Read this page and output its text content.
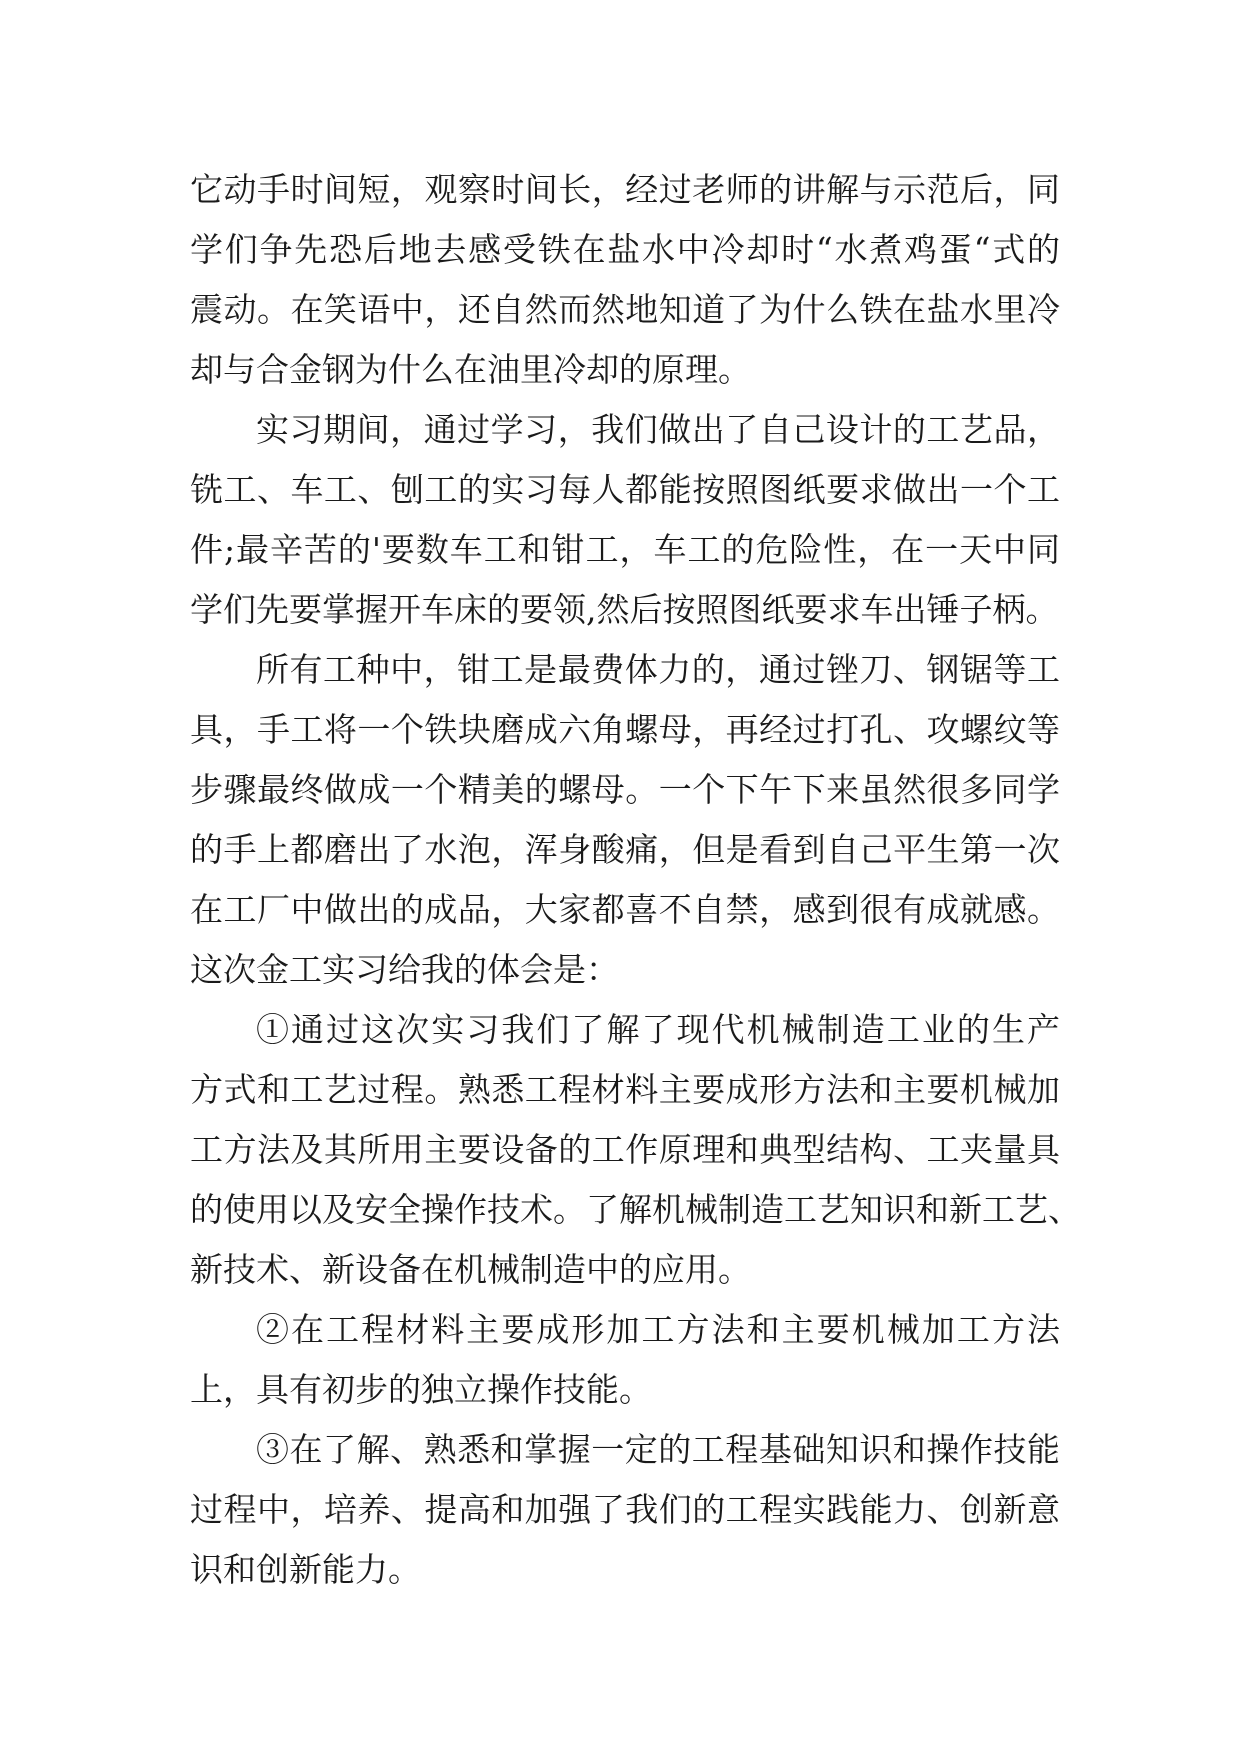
它动手时间短，观察时间长，经过老师的讲解与示范后，同
学们争先恐后地去感受铁在盐水中冷却时“水煮鸡蛋“式的
震动。在笑语中，还自然而然地知道了为什么铁在盐水里冷
却与合金钢为什么在油里冷却的原理。
实习期间，通过学习，我们做出了自己设计的工艺品，
铣工、车工、刨工的实习每人都能按照图纸要求做出一个工
件;最辛苦的'要数车工和钳工，车工的危险性，在一天中同
学们先要掌握开车床的要领,然后按照图纸要求车出锤子柄。
所有工种中，钳工是最费体力的，通过锉刀、钢锯等工
具，手工将一个铁块磨成六角螺母，再经过打孔、攻螺纹等
步骤最终做成一个精美的螺母。一个下午下来虽然很多同学
的手上都磨出了水泡，浑身酸痛，但是看到自己平生第一次
在工厂中做出的成品，大家都喜不自禁，感到很有成就感。
这次金工实习给我的体会是：
①通过这次实习我们了解了现代机械制造工业的生产
方式和工艺过程。熟悉工程材料主要成形方法和主要机械加
工方法及其所用主要设备的工作原理和典型结构、工夹量具
的使用以及安全操作技术。了解机械制造工艺知识和新工艺、
新技术、新设备在机械制造中的应用。
②在工程材料主要成形加工方法和主要机械加工方法
上，具有初步的独立操作技能。
③在了解、熟悉和掌握一定的工程基础知识和操作技能
过程中，培养、提高和加强了我们的工程实践能力、创新意
识和创新能力。
